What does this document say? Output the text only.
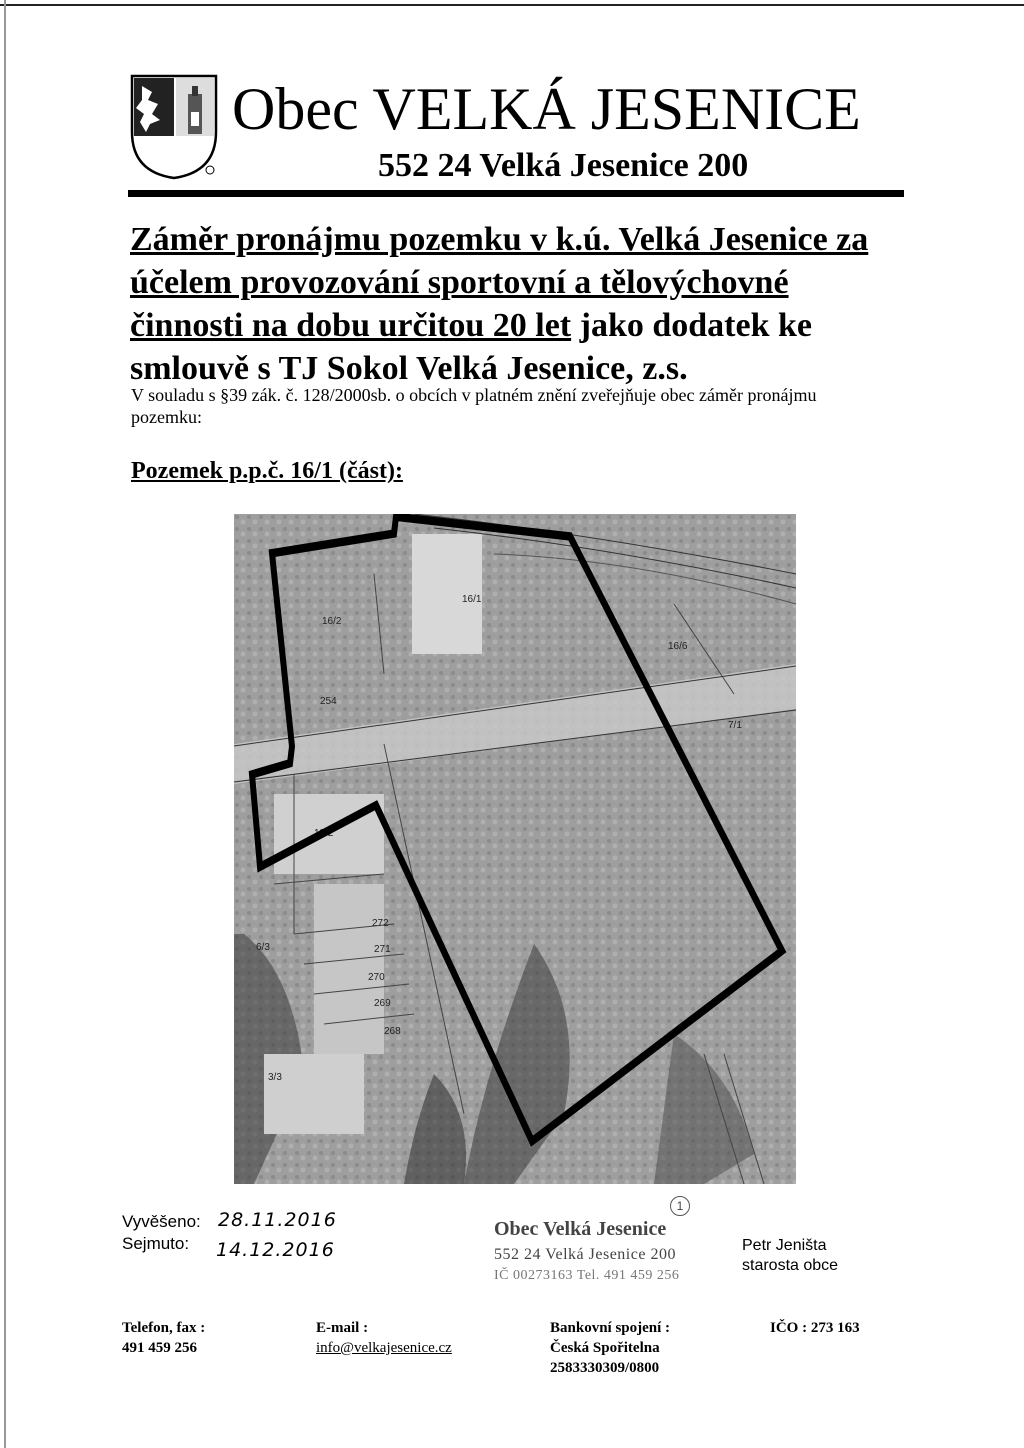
Obec VELKÁ JESENICE
552 24 Velká Jesenice 200
Záměr pronájmu pozemku v k.ú. Velká Jesenice za účelem provozování sportovní a tělovýchovné činnosti na dobu určitou 20 let jako dodatek ke smlouvě s TJ Sokol Velká Jesenice, z.s.
V souladu s §39 zák. č. 128/2000sb. o obcích v platném znění zveřejňuje obec záměr pronájmu pozemku:
Pozemek p.p.č. 16/1 (část):
16/2
16/1
16/6
254
13/2
272
271
270
269
268
3/3
6/3
7/1
Vyvěšeno: 28.11.2016
Sejmuto: 14.12.2016
1
Obec Velká Jesenice
552 24 Velká Jesenice 200
IČ 00273163 Tel. 491 459 256
Petr Jeništa
starosta obce
Telefon, fax :
491 459 256
E-mail :
info@velkajesenice.cz
Bankovní spojení :
Česká Spořitelna
2583330309/0800
IČO : 273 163
